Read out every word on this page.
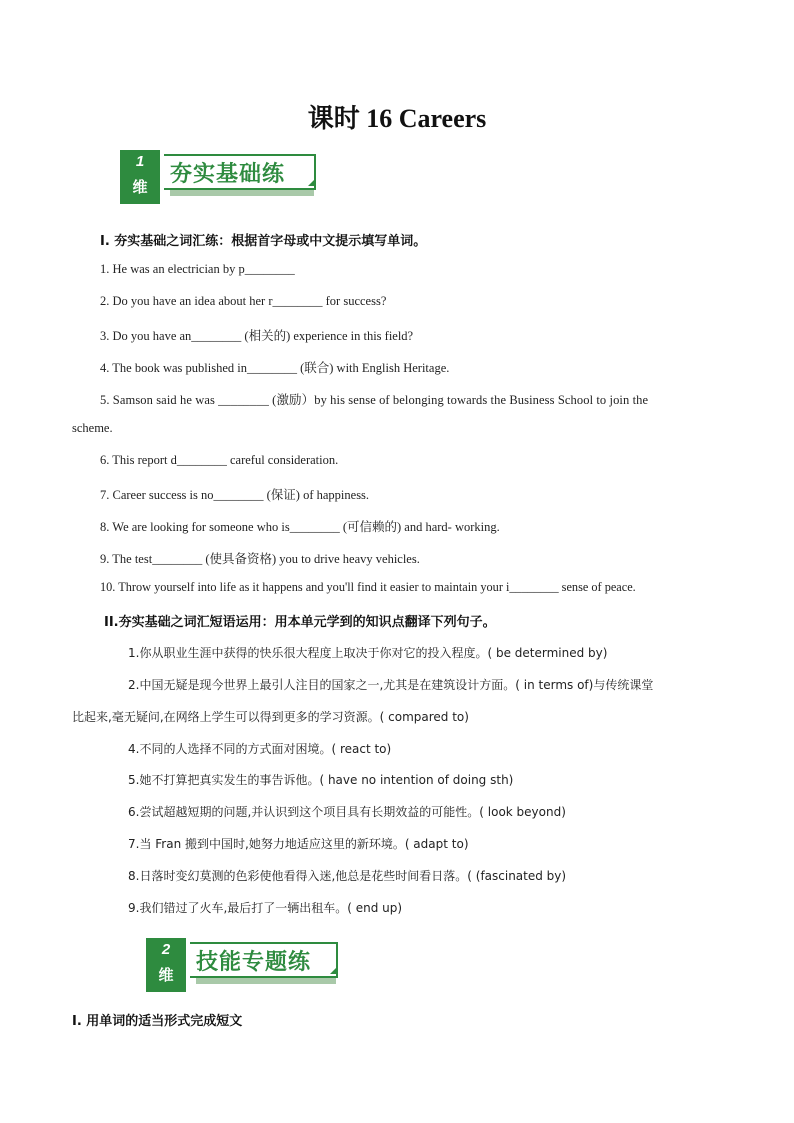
课时 16 Careers
1
维	夯实基础练
I. 夯实基础之词汇练：根据首字母或中文提示填写单词。
1. He was an electrician by p________
2. Do you have an idea about her r________ for success?
3. Do you have an________ (相关的) experience in this field?
4. The book was published in________ (联合) with English Heritage.
5. Samson said he was ________ (激励）by his sense of belonging towards the Business School to join the
scheme.
6. This report d________ careful consideration.
7. Career success is no________ (保证) of happiness.
8. We are looking for someone who is________ (可信赖的) and hard- working.
9. The test________ (使具备资格) you to drive heavy vehicles.
10. Throw yourself into life as it happens and you'll find it easier to maintain your i________ sense of peace.
II.夯实基础之词汇短语运用：用本单元学到的知识点翻译下列句子。
1.你从职业生涯中获得的快乐很大程度上取决于你对它的投入程度。( be determined by)
2.中国无疑是现今世界上最引人注目的国家之一,尤其是在建筑设计方面。( in terms of)与传统课堂
比起来,毫无疑问,在网络上学生可以得到更多的学习资源。( compared to)
4.不同的人选择不同的方式面对困境。( react to)
5.她不打算把真实发生的事告诉他。( have no intention of doing sth)
6.尝试超越短期的问题,并认识到这个项目具有长期效益的可能性。( look beyond)
7.当 Fran 搬到中国时,她努力地适应这里的新环境。( adapt to)
8.日落时变幻莫测的色彩使他看得入迷,他总是花些时间看日落。( (fascinated by)
9.我们错过了火车,最后打了一辆出租车。( end up)
2
维	技能专题练
I. 用单词的适当形式完成短文
